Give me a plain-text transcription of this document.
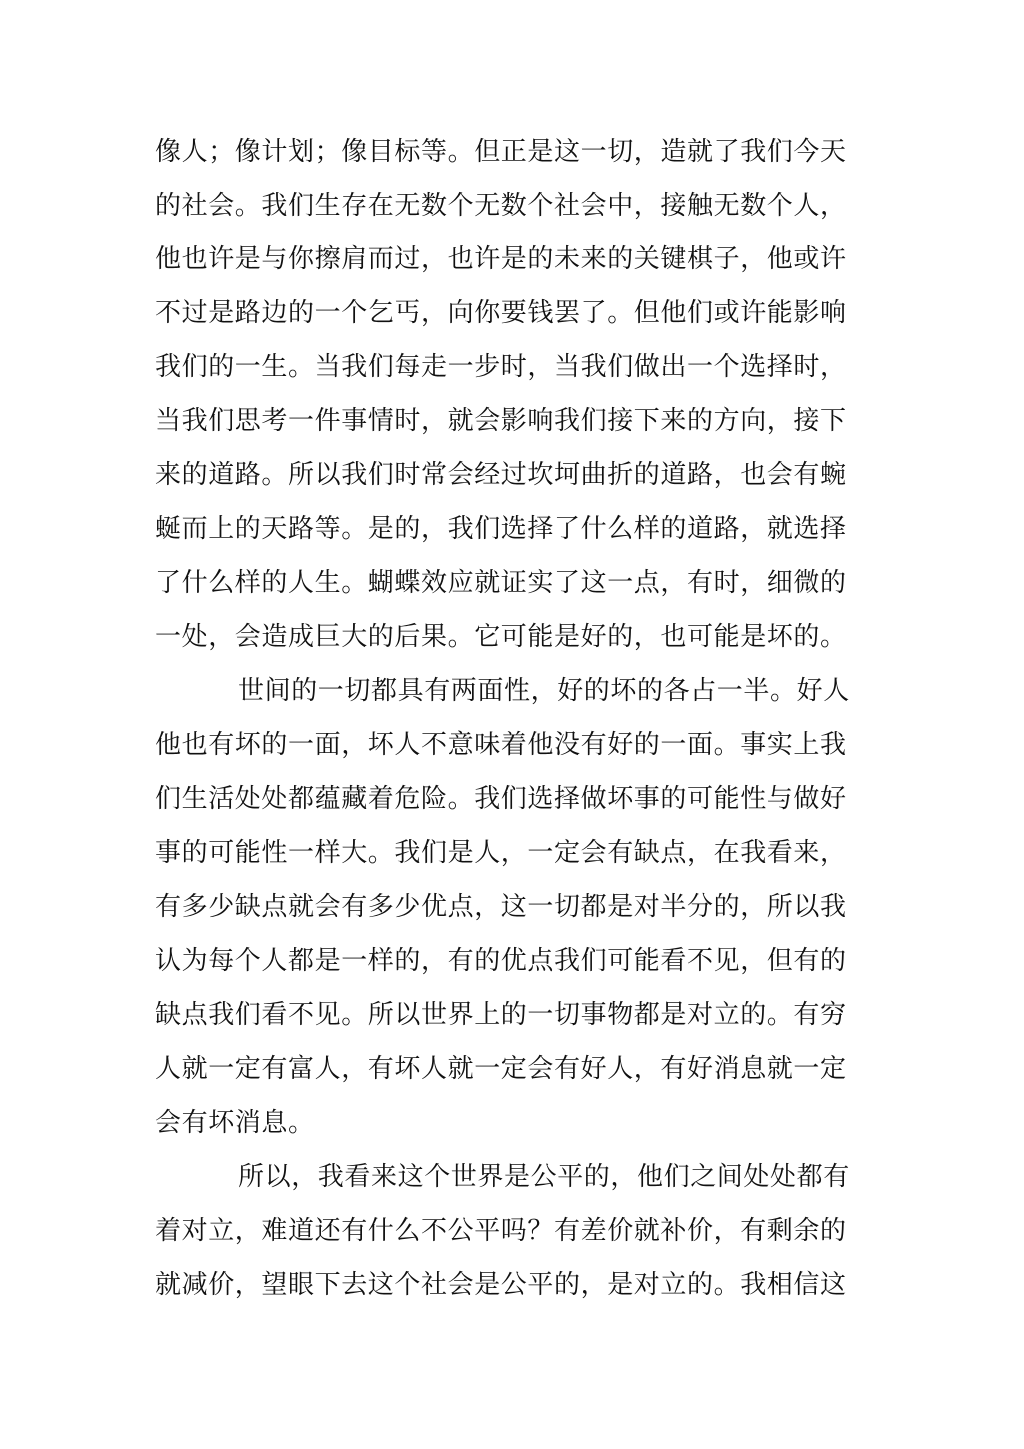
像人；像计划；像目标等。但正是这一切，造就了我们今天

的社会。我们生存在无数个无数个社会中，接触无数个人，

他也许是与你擦肩而过，也许是的未来的关键棋子，他或许

不过是路边的一个乞丐，向你要钱罢了。但他们或许能影响

我们的一生。当我们每走一步时，当我们做出一个选择时，

当我们思考一件事情时，就会影响我们接下来的方向，接下

来的道路。所以我们时常会经过坎坷曲折的道路，也会有蜿

蜒而上的天路等。是的，我们选择了什么样的道路，就选择

了什么样的人生。蝴蝶效应就证实了这一点，有时，细微的

一处，会造成巨大的后果。它可能是好的，也可能是坏的。

世间的一切都具有两面性，好的坏的各占一半。好人

他也有坏的一面，坏人不意味着他没有好的一面。事实上我

们生活处处都蕴藏着危险。我们选择做坏事的可能性与做好

事的可能性一样大。我们是人，一定会有缺点，在我看来，

有多少缺点就会有多少优点，这一切都是对半分的，所以我

认为每个人都是一样的，有的优点我们可能看不见，但有的

缺点我们看不见。所以世界上的一切事物都是对立的。有穷

人就一定有富人，有坏人就一定会有好人，有好消息就一定

会有坏消息。

所以，我看来这个世界是公平的，他们之间处处都有

着对立，难道还有什么不公平吗？有差价就补价，有剩余的

就减价，望眼下去这个社会是公平的，是对立的。我相信这
